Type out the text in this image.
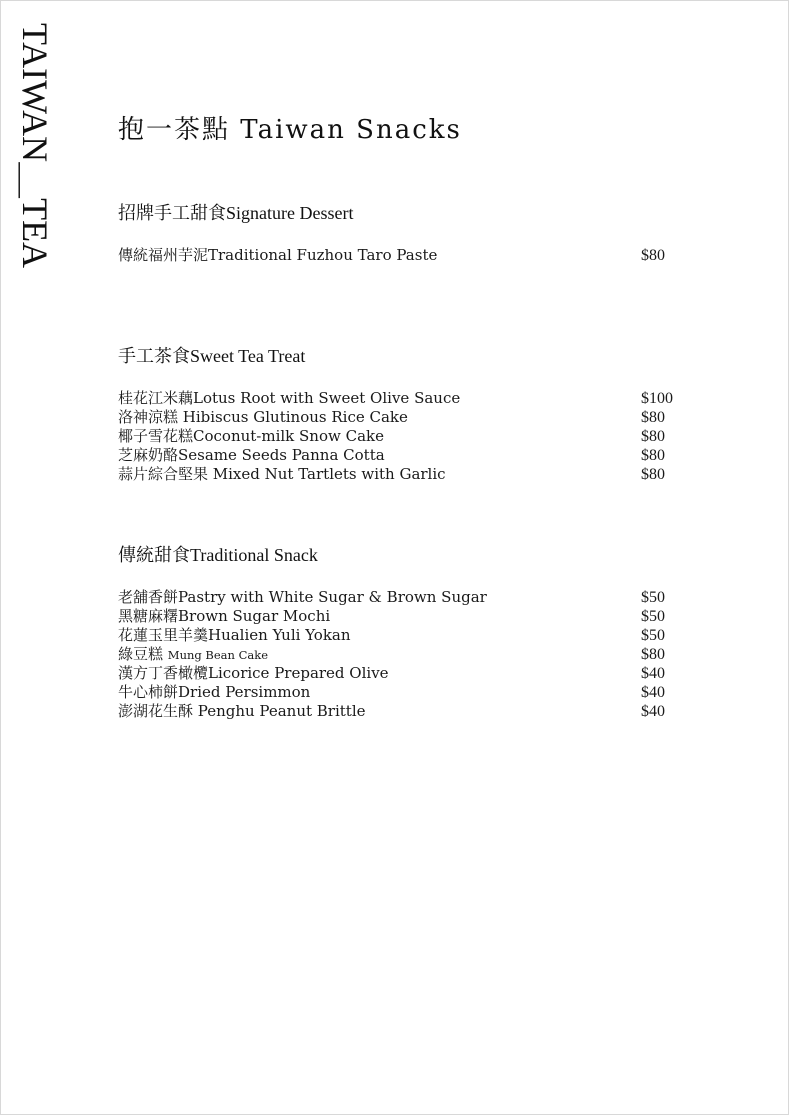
TAIWAN＿TEA 抱一茶點 Taiwan Snacks
招牌手工甜食Signature Dessert
傳統福州芋泥Traditional Fuzhou Taro Paste	$80
手工茶食Sweet Tea Treat
桂花江米藕Lotus Root with Sweet Olive Sauce	$100
洛神涼糕 Hibiscus Glutinous Rice Cake	$80
椰子雪花糕Coconut-milk Snow Cake	$80
芝麻奶酪Sesame Seeds Panna Cotta	$80
蒜片綜合堅果 Mixed Nut Tartlets with Garlic	$80
傳統甜食Traditional Snack
老舖香餅Pastry with White Sugar & Brown Sugar	$50
黑糖麻糬Brown Sugar Mochi	$50
花蓮玉里羊羹Hualien Yuli Yokan	$50
綠豆糕 Mung Bean Cake	$80
漢方丁香橄欖Licorice Prepared Olive	$40
牛心柿餅Dried Persimmon	$40
澎湖花生酥 Penghu Peanut Brittle	$40
